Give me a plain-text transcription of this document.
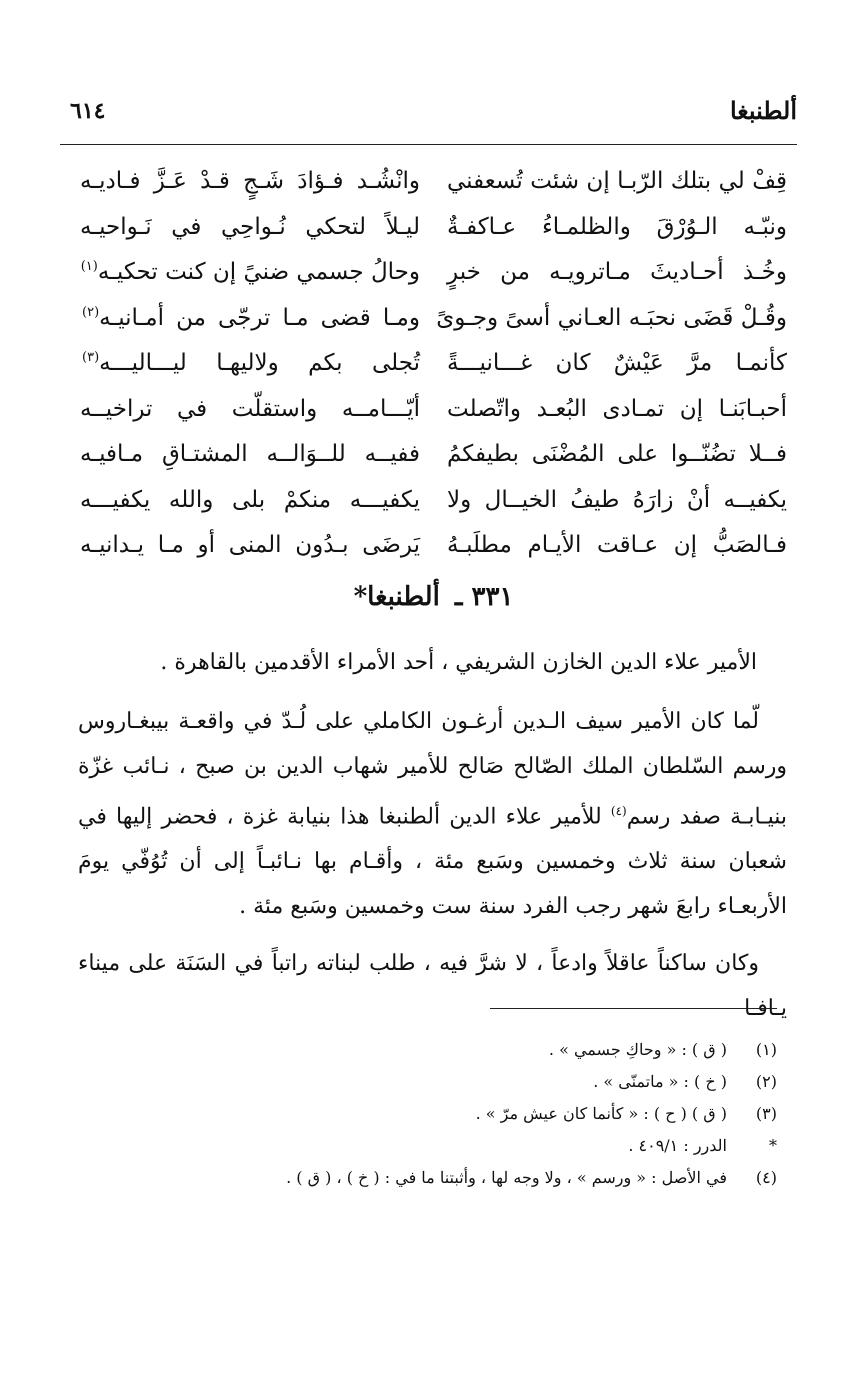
ألطنبغا
٦١٤
قِفْ لي بتلك الرّبـا إن شئت تُسعفني
وانْشُـد فـؤادَ شَـجٍ قـدْ عَـزَّ فـاديـه
ونبّـه الـوُرْقَ والظلمـاءُ عـاكفـةٌ
ليـلاً لتحكي نُـواحِي في نَـواحيـه
وخُـذ أحـاديثَ مـاترويـه من خبرٍ
وحالُ جسمي ضنيً إن كنت تحكيـه$^{(١)}$
وقُـلْ قَضَى نحبَـه العـاني أسىً وجـوىً
ومـا قضى مـا ترجّى من أمـانيـه$^{(٢)}$
كأنمـا مرَّ عَيْشٌ كان غـــانيـــةً
تُجلى بكم ولاليهـا ليـــاليـــه$^{(٣)}$
أحبـابَنـا إن تمـادى البُعـد واتّصلت
أيّـــامــه واستقلّت في تراخيــه
فــلا تضُنّــوا على المُضْنَى بطيفكمُ
ففيــه للــوَالــه المشتـاقِ مـافيـه
يكفيــه أنْ زارَهُ طيفُ الخيــال ولا
يكفيـــه منكمْ بلى والله يكفيـــه
فـالصَبُّ إن عـاقت الأيـام مطلَبـهُ
يَرضَى بـدُون المنى أو مـا يـدانيـه
٣٣١ ـ ألطنبغا*

الأمير علاء الدين الخازن الشريفي ، أحد الأمراء الأقدمين بالقاهرة .

لّما كان الأمير سيف الـدين أرغـون الكاملي على لُـدّ في واقعـة بيبغـاروس ورسم السّلطان الملك الصّالح صَالح للأمير شهاب الدين بن صبح ، نـائب غزّة بنيـابـة صفد رسم$^{(٤)}$ للأمير علاء الدين ألطنبغا هذا بنيابة غزة ، فحضر إليها في شعبان سنة ثلاث وخمسين وسَبع مئة ، وأقـام بها نـائبـاً إلى أن تُوُفّي يومَ الأربعـاء رابعَ شهر رجب الفرد سنة ست وخمسين وسَبع مئة .

وكان ساكناً عاقلاً وادعاً ، لا شرَّ فيه ، طلب لبناته راتباً في السَنَة على ميناء يـافـا

(١)
( ق ) : « وحاكِ جسمي » .
(٢)
( خ ) : « ماتمنّى » .
(٣)
( ق ) ( ح ) : « كأنما كان عيش مرّ » .
*
الدرر : ٤٠٩/١ .
(٤)
في الأصل : « ورسم » ، ولا وجه لها ، وأثبتنا ما في : ( خ ) ، ( ق ) .
